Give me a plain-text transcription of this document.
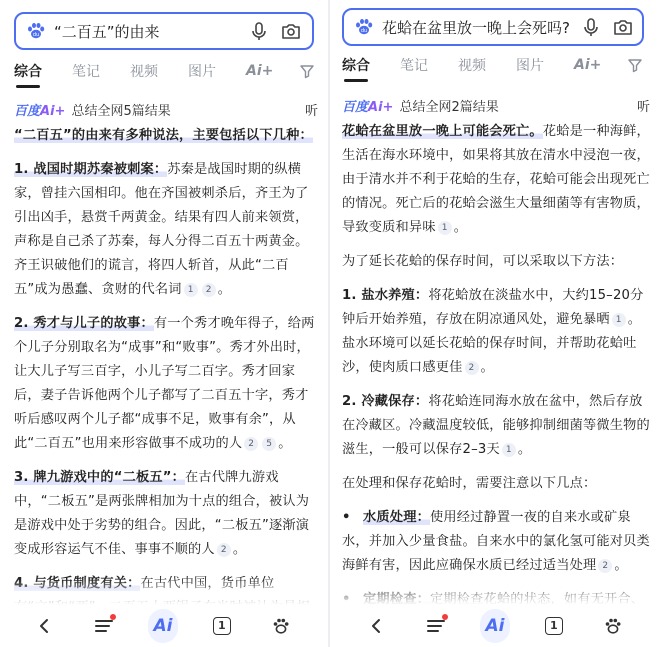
du “二百五”的由来
综合 笔记 视频 图片 Ai+
百度Ai+ 总结全网5篇结果	听

“二百五”的由来有多种说法，主要包括以下几种：

1. 战国时期苏秦被刺案：苏秦是战国时期的纵横家，曾挂六国相印。他在齐国被刺杀后，齐王为了引出凶手，悬赏千两黄金。结果有四人前来领赏，声称是自己杀了苏秦，每人分得二百五十两黄金。齐王识破他们的谎言，将四人斩首，从此“二百五”成为愚蠢、贪财的代名词 1 2 。

2. 秀才与儿子的故事：有一个秀才晚年得子，给两个儿子分别取名为“成事”和“败事”。秀才外出时，让大儿子写三百字，小儿子写二百字。秀才回家后，妻子告诉他两个儿子都写了二百五十字，秀才听后感叹两个儿子都“成事不足，败事有余”，从此“二百五”也用来形容做事不成功的人 2 5 。

3. 牌九游戏中的“二板五”：在古代牌九游戏中，“二板五”是两张牌相加为十点的组合，被认为是游戏中处于劣势的组合。因此，“二板五”逐渐演变成形容运气不佳、事事不顺的人 2 。

Ai	1
du 花蛤在盆里放一晚上会死吗?
综合 笔记 视频 图片 Ai+
百度Ai+ 总结全网2篇结果	听

花蛤在盆里放一晚上可能会死亡。花蛤是一种海鲜，生活在海水环境中，如果将其放在清水中浸泡一夜，由于清水并不利于花蛤的生存，花蛤可能会出现死亡的情况。死亡后的花蛤会滋生大量细菌等有害物质，导致变质和异味 1 。

为了延长花蛤的保存时间，可以采取以下方法：

1. 盐水养殖：将花蛤放在淡盐水中，大约15–20分钟后开始养殖，存放在阴凉通风处，避免暴晒 1 。盐水环境可以延长花蛤的保存时间，并帮助花蛤吐沙，使肉质口感更佳 2 。

2. 冷藏保存：将花蛤连同海水放在盆中，然后存放在冷藏区。冷藏温度较低，能够抑制细菌等微生物的滋生，一般可以保存2–3天 1 。

在处理和保存花蛤时，需要注意以下几点：

• 水质处理：使用经过静置一夜的自来水或矿泉水，并加入少量食盐。自来水中的氯化氢可能对贝类海鲜有害，因此应确保水质已经过适当处理 2 。

•

Ai	1
